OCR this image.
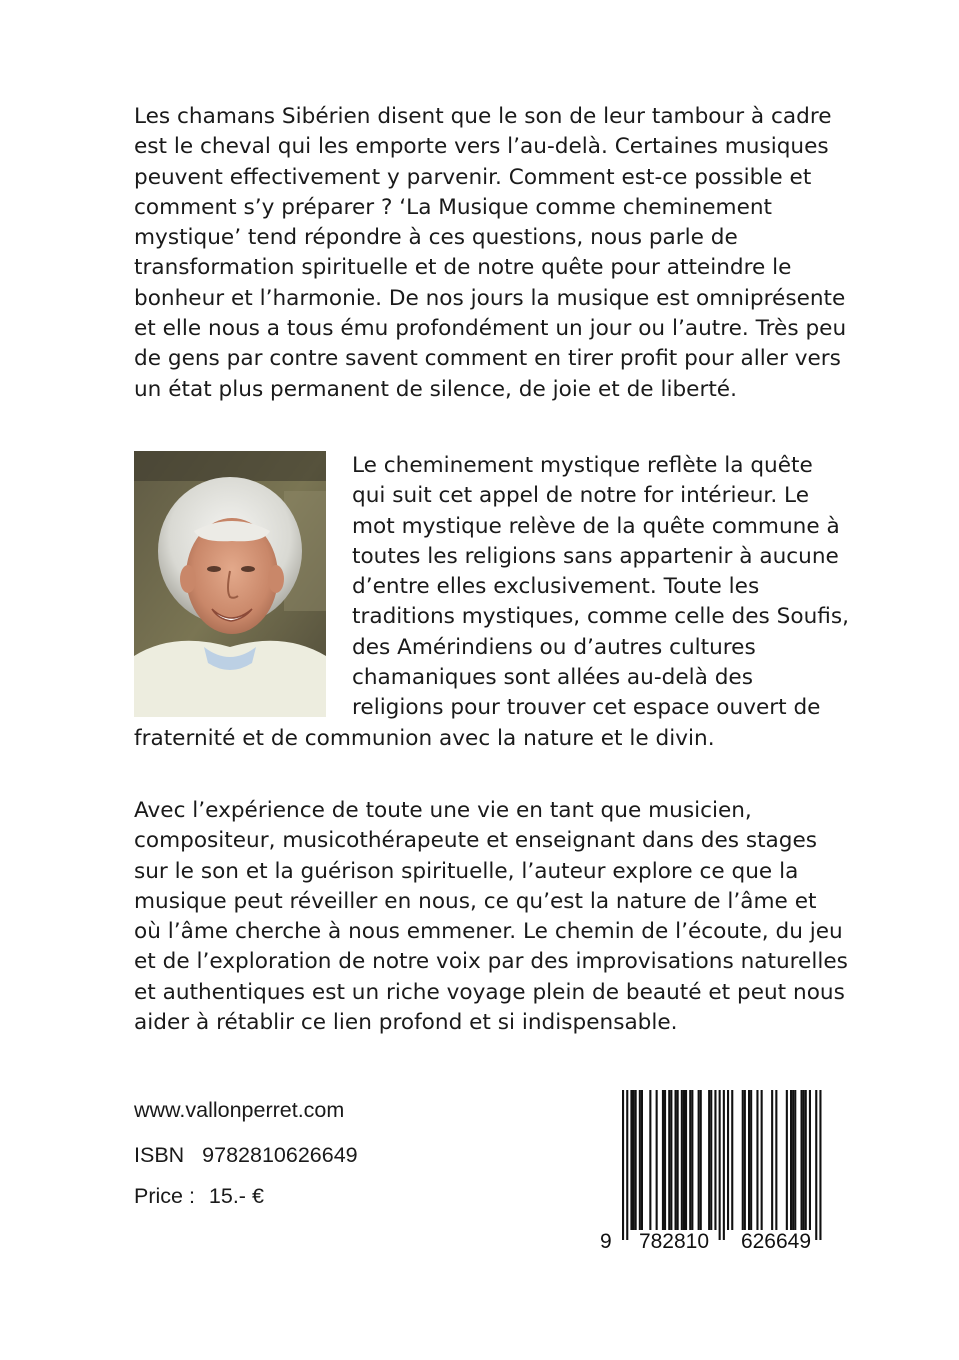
Les chamans Sibérien disent que le son de leur tambour à cadre est le cheval qui les emporte vers l’au-delà. Certaines musiques peuvent effectivement y parvenir. Comment est-ce possible et comment s’y préparer ? ‘La Musique comme cheminement mystique’ tend répondre à ces questions, nous parle de transformation spirituelle et de notre quête pour atteindre le bonheur et l’harmonie. De nos jours la musique est omniprésente et elle nous a tous ému profondément un jour ou l’autre. Très peu de gens par contre savent comment en tirer profit pour aller vers un état plus permanent de silence, de joie et de liberté.

Le cheminement mystique reflète la quête qui suit cet appel de notre for intérieur. Le mot mystique relève de la quête commune à toutes les religions sans appartenir à aucune d’entre elles exclusivement. Toute les traditions mystiques, comme celle des Soufis, des Amérindiens ou d’autres cultures chamaniques sont allées au-delà des religions pour trouver cet espace ouvert de fraternité et de communion avec la nature et le divin.

Avec l’expérience de toute une vie en tant que musicien, compositeur, musicothérapeute et enseignant dans des stages sur le son et la guérison spirituelle, l’auteur explore ce que la musique peut réveiller en nous, ce qu’est la nature de l’âme et où l’âme cherche à nous emmener. Le chemin de l’écoute, du jeu et de l’exploration de notre voix par des improvisations naturelles et authentiques est un riche voyage plein de beauté et peut nous aider à rétablir ce lien profond et si indispensable.

www.vallonperret.com
ISBN 9782810626649
Price : 15.- €
9	782810	626649
